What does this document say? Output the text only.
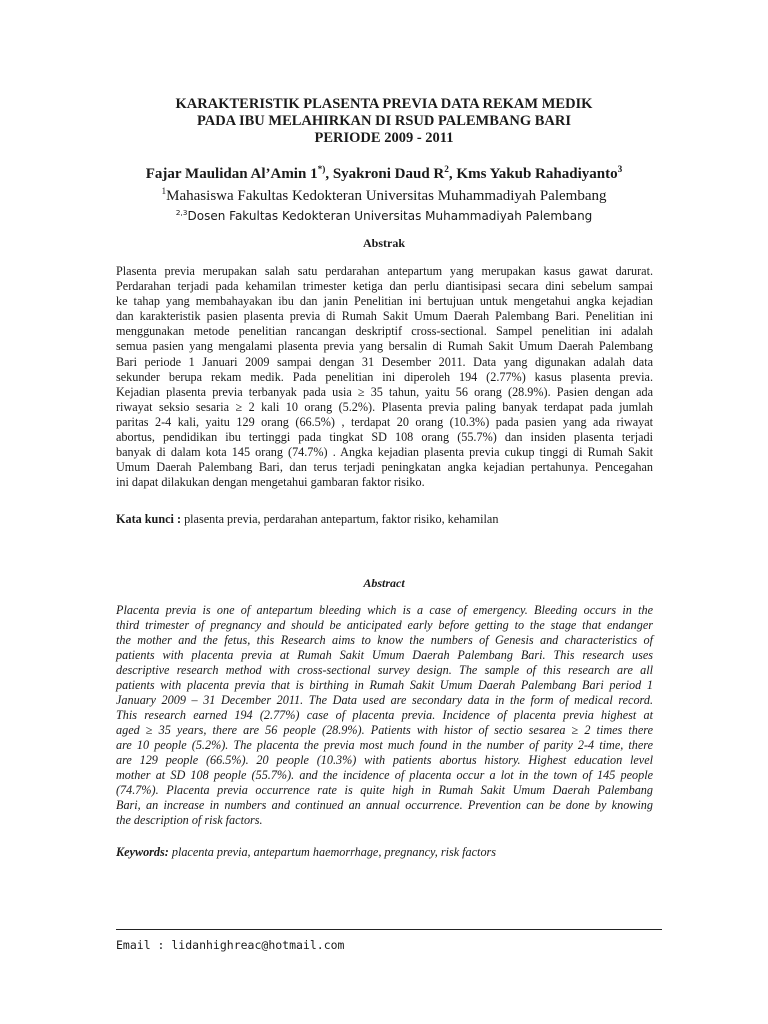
KARAKTERISTIK PLASENTA PREVIA DATA REKAM MEDIK
PADA IBU MELAHIRKAN DI RSUD PALEMBANG BARI
PERIODE 2009 - 2011
Fajar Maulidan Al’Amin 1*), Syakroni Daud $R^2$, Kms Yakub Rahadiyanto$^3$
$^1$Mahasiswa Fakultas Kedokteran Universitas Muhammadiyah Palembang
$^{2,3}$Dosen Fakultas Kedokteran Universitas Muhammadiyah Palembang
Abstrak
Plasenta previa merupakan salah satu perdarahan antepartum yang merupakan kasus gawat darurat.
Perdarahan terjadi pada kehamilan trimester ketiga dan perlu diantisipasi secara dini sebelum sampai
ke tahap yang membahayakan ibu dan janin Penelitian ini bertujuan untuk mengetahui angka kejadian
dan karakteristik pasien plasenta previa di Rumah Sakit Umum Daerah Palembang Bari. Penelitian ini
menggunakan metode penelitian rancangan deskriptif cross-sectional. Sampel penelitian ini adalah
semua pasien yang mengalami plasenta previa yang bersalin di Rumah Sakit Umum Daerah Palembang
Bari periode 1 Januari 2009 sampai dengan 31 Desember 2011. Data yang digunakan adalah data
sekunder berupa rekam medik. Pada penelitian ini diperoleh 194 (2.77%) kasus plasenta previa.
Kejadian plasenta previa terbanyak pada usia ≥ 35 tahun, yaitu 56 orang (28.9%). Pasien dengan ada
riwayat seksio sesaria ≥ 2 kali 10 orang (5.2%). Plasenta previa paling banyak terdapat pada jumlah
paritas 2-4 kali, yaitu 129 orang (66.5%) , terdapat 20 orang (10.3%) pada pasien yang ada riwayat
abortus, pendidikan ibu tertinggi pada tingkat SD 108 orang (55.7%) dan insiden plasenta terjadi
banyak di dalam kota 145 orang (74.7%) . Angka kejadian plasenta previa cukup tinggi di Rumah Sakit
Umum Daerah Palembang Bari, dan terus terjadi peningkatan angka kejadian pertahunya. Pencegahan
ini dapat dilakukan dengan mengetahui gambaran faktor risiko.
Kata kunci : plasenta previa, perdarahan antepartum, faktor risiko, kehamilan
Abstract
Placenta previa is one of antepartum bleeding which is a case of emergency. Bleeding occurs in the
third trimester of pregnancy and should be anticipated early before getting to the stage that endanger
the mother and the fetus, this Research aims to know the numbers of Genesis and characteristics of
patients with placenta previa at Rumah Sakit Umum Daerah Palembang Bari. This research uses
descriptive research method with cross-sectional survey design. The sample of this research are all
patients with placenta previa that is birthing in Rumah Sakit Umum Daerah Palembang Bari period 1
January 2009 – 31 December 2011. The Data used are secondary data in the form of medical record.
This research earned 194 (2.77%) case of placenta previa. Incidence of placenta previa highest at
aged ≥ 35 years, there are 56 people (28.9%). Patients with histor of sectio sesarea ≥ 2 times there
are 10 people (5.2%). The placenta the previa most much found in the number of parity 2-4 time, there
are 129 people (66.5%). 20 people (10.3%) with patients abortus history. Highest education level
mother at SD 108 people (55.7%). and the incidence of placenta occur a lot in the town of 145 people
(74.7%). Placenta previa occurrence rate is quite high in Rumah Sakit Umum Daerah Palembang
Bari, an increase in numbers and continued an annual occurrence. Prevention can be done by knowing
the description of risk factors.
Keywords: placenta previa, antepartum haemorrhage, pregnancy, risk factors
Email : lidanhighreac@hotmail.com
